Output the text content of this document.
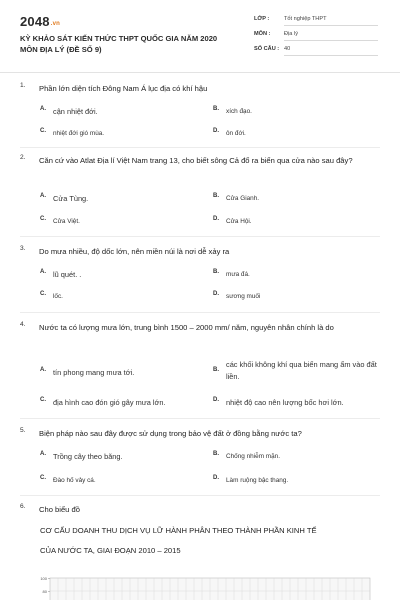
2048.vn
KỲ KHẢO SÁT KIẾN THỨC THPT QUỐC GIA NĂM 2020
MÔN ĐỊA LÝ (ĐỀ SỐ 9)
LỚP :	Tốt nghiệp THPT
MÔN : Địa lý
SỐ CÂU : 40
1. Phần lớn diện tích Đông Nam Á lục địa có khí hậu
A. cận nhiệt đới.	B. xích đạo.
C. nhiệt đới gió mùa.	D. ôn đới.
2. Căn cứ vào Atlat Địa lí Việt Nam trang 13, cho biết sông Cả đổ ra biển qua cửa nào sau đây?
A. Cửa Tùng.	B. Cửa Gianh.
C. Cửa Việt.	D. Cửa Hội.
3. Do mưa nhiều, độ dốc lớn, nên miền núi là nơi dễ xảy ra
A. lũ quét. .	B. mưa đá.
C. lốc.	D. sương muối
4. Nước ta có lượng mưa lớn, trung bình 1500 – 2000 mm/ năm, nguyên nhân chính là do
A. tín phong mang mưa tới.	B.
các khối không khí qua biển mang ẩm vào đất liền.
C. địa hình cao đón gió gây mưa lớn.	D. nhiệt độ cao nên lượng bốc hơi lớn.
5. Biện pháp nào sau đây được sử dụng trong bảo vệ đất ở đồng bằng nước ta?
A. Trồng cây theo băng.	B. Chống nhiễm mặn.
C. Đào hố vảy cá.	D. Làm ruộng bậc thang.
6. Cho biểu đồ
CƠ CẤU DOANH THU DỊCH VỤ LỮ HÀNH PHÂN THEO THÀNH PHẦN KINH TẾ
CỦA NƯỚC TA, GIAI ĐOẠN 2010 – 2015
100
80
